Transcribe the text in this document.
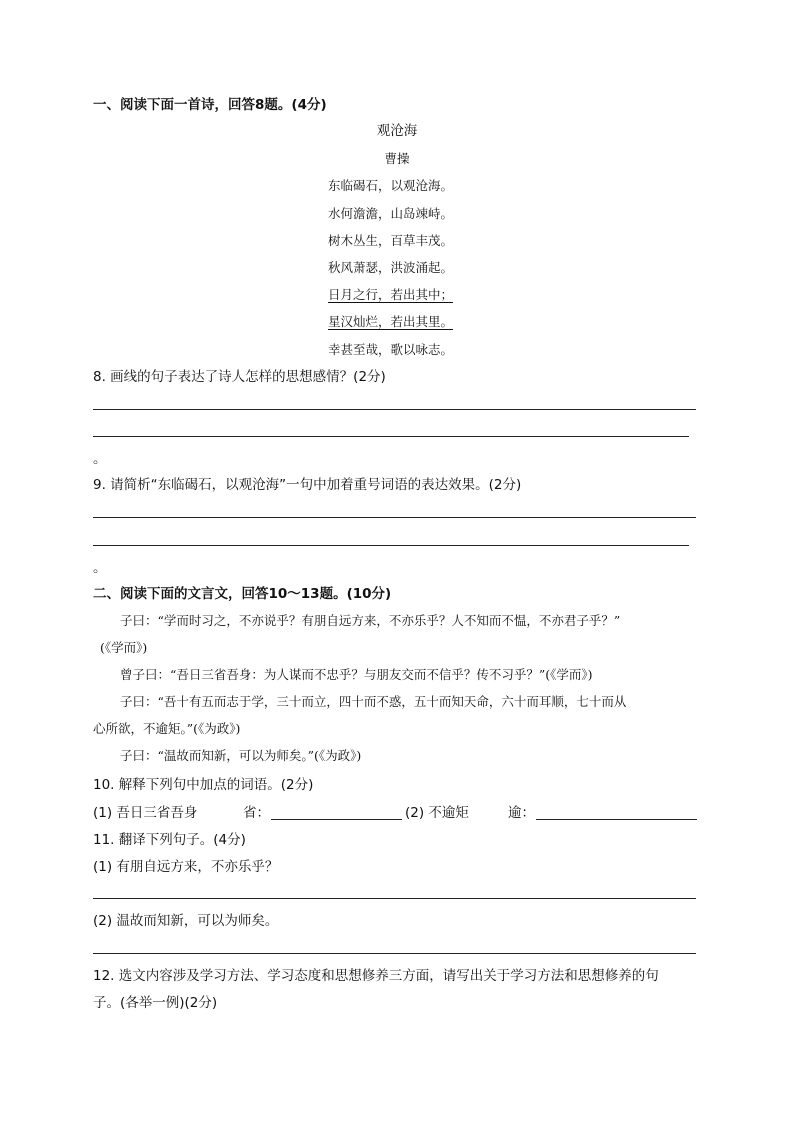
一、阅读下面一首诗，回答8题。(4分)
观沧海
曹操
东临碣石，以观沧海。
水何澹澹，山岛竦峙。
树木丛生，百草丰茂。
秋风萧瑟，洪波涌起。
日月之行，若出其中；
星汉灿烂，若出其里。
幸甚至哉，歌以咏志。
8. 画线的句子表达了诗人怎样的思想感情？(2分)
。
9. 请简析“东临碣石，以观沧海”一句中加着重号词语的表达效果。(2分)
。
二、阅读下面的文言文，回答10～13题。(10分)
子曰：“学而时习之，不亦说乎？有朋自远方来，不亦乐乎？人不知而不愠，不亦君子乎？”
(《学而》)
曾子曰：“吾日三省吾身：为人谋而不忠乎？与朋友交而不信乎？传不习乎？”(《学而》)
子曰：“吾十有五而志于学，三十而立，四十而不惑，五十而知天命，六十而耳顺，七十而从
心所欲，不逾矩。”(《为政》)
子曰：“温故而知新，可以为师矣。”(《为政》)
10. 解释下列句中加点的词语。(2分)
(1) 吾日三省吾身	省：	(2) 不逾矩	逾：
11. 翻译下列句子。(4分)
(1) 有朋自远方来，不亦乐乎？
(2) 温故而知新，可以为师矣。
12. 选文内容涉及学习方法、学习态度和思想修养三方面，请写出关于学习方法和思想修养的句
子。(各举一例)(2分)
